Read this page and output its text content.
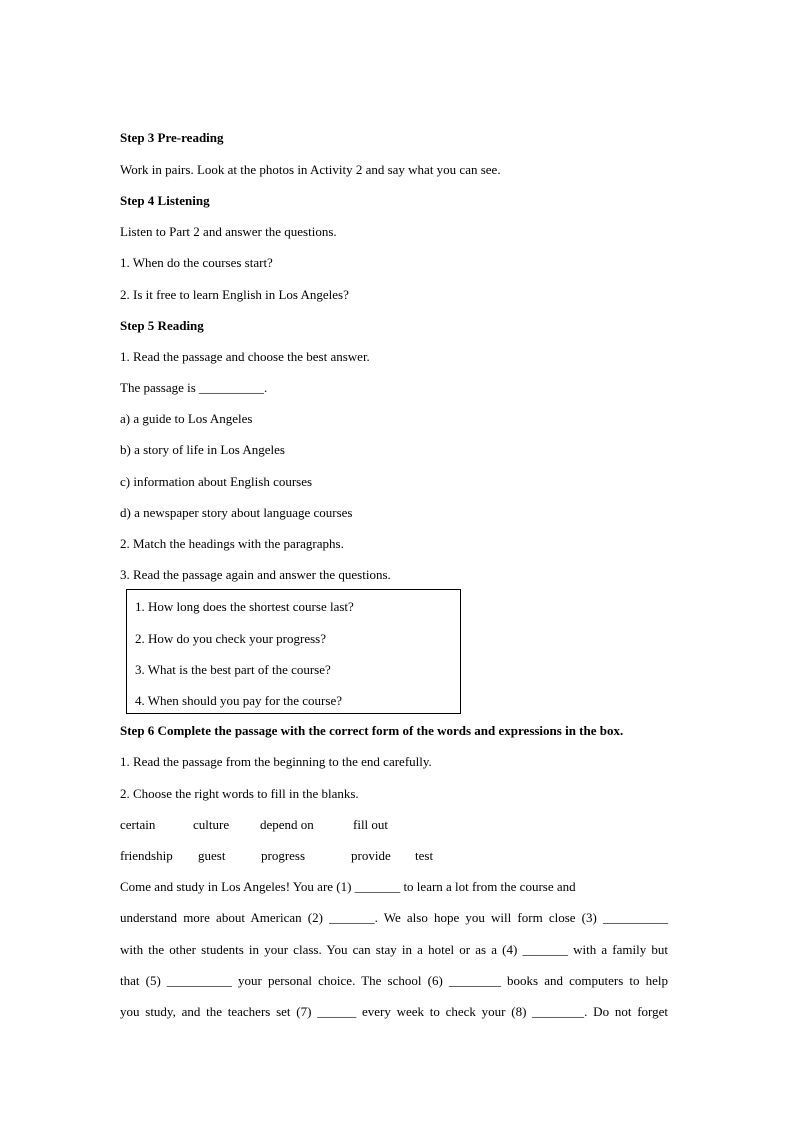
Step 3 Pre-reading
Work in pairs. Look at the photos in Activity 2 and say what you can see.
Step 4 Listening
Listen to Part 2 and answer the questions.
1. When do the courses start?
2. Is it free to learn English in Los Angeles?
Step 5 Reading
1. Read the passage and choose the best answer.
The passage is __________.
a) a guide to Los Angeles
b) a story of life in Los Angeles
c) information about English courses
d) a newspaper story about language courses
2. Match the headings with the paragraphs.
3. Read the passage again and answer the questions.
1. How long does the shortest course last?
2. How do you check your progress?
3. What is the best part of the course?
4. When should you pay for the course?
Step 6 Complete the passage with the correct form of the words and expressions in the box.
1. Read the passage from the beginning to the end carefully.
2. Choose the right words to fill in the blanks.
certain	culture depend on	fill out
friendship guest	progress	provide test
Come and study in Los Angeles! You are (1) _______ to learn a lot from the course and
understand more about American (2) _______. We also hope you will form close (3) __________
with the other students in your class. You can stay in a hotel or as a (4) _______ with a family but
that (5) __________ your personal choice. The school (6) ________ books and computers to help
you study, and the teachers set (7) ______ every week to check your (8) ________. Do not forget
